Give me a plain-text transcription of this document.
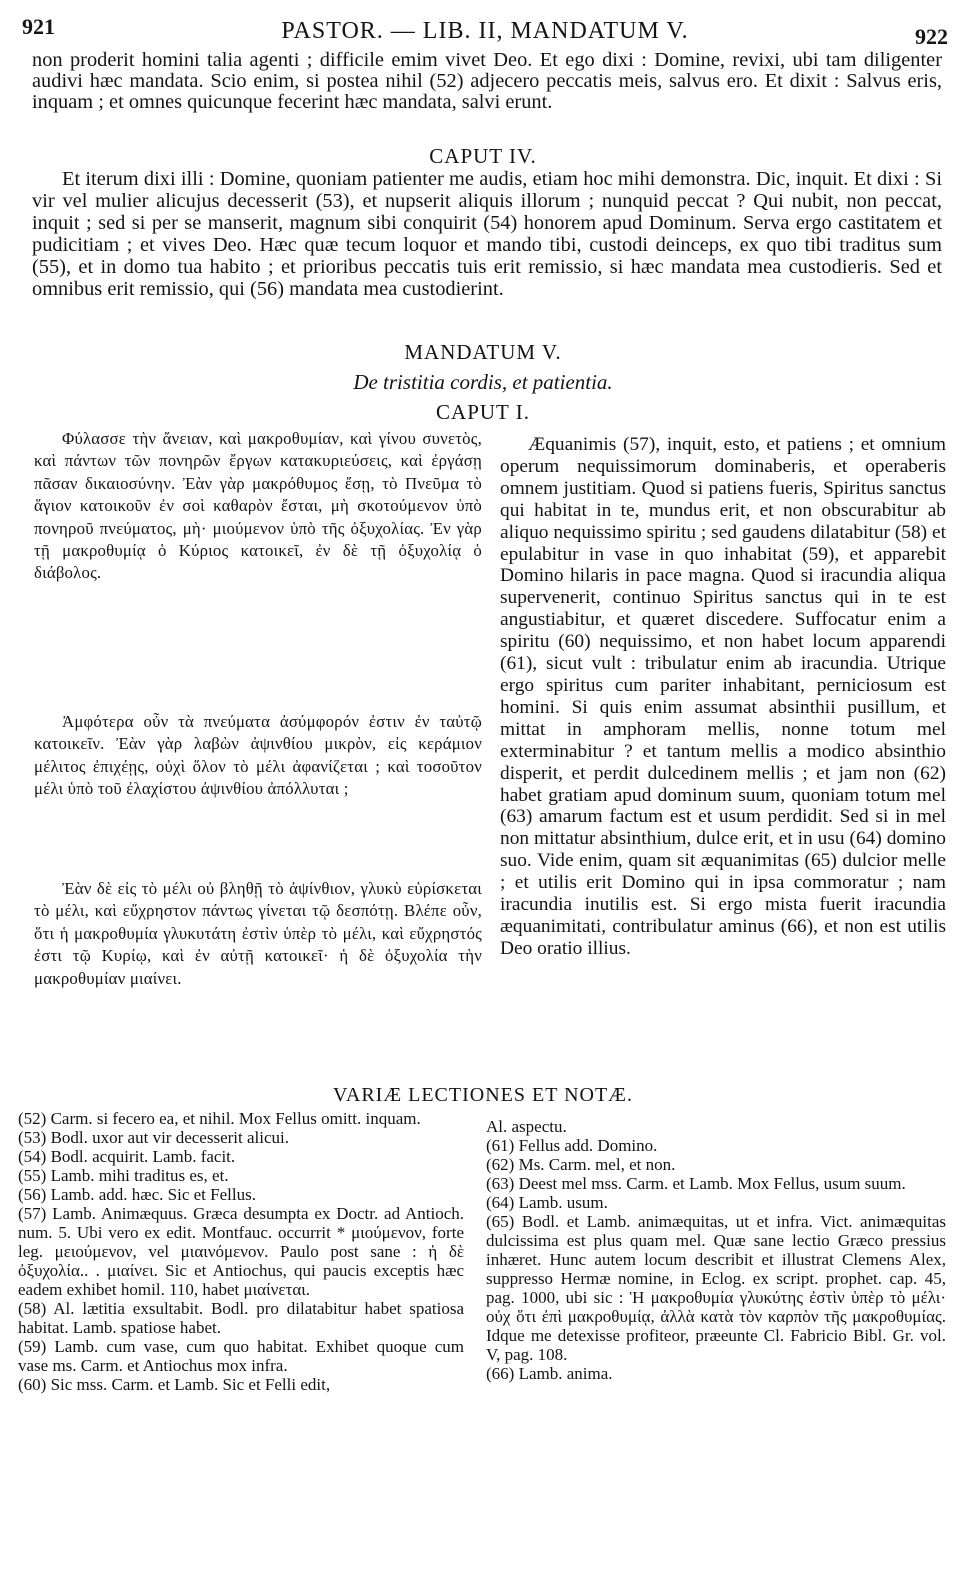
921	PASTOR. — LIB. II, MANDATUM V.	922

non proderit homini talia agenti ; difficile emim vivet Deo. Et ego dixi : Domine, revixi, ubi tam diligenter audivi hæc mandata. Scio enim, si postea nihil (52) adjecero peccatis meis, salvus ero. Et dixit : Salvus eris, inquam ; et omnes quicunque fecerint hæc mandata, salvi erunt.

CAPUT IV.

Et iterum dixi illi : Domine, quoniam patienter me audis, etiam hoc mihi demonstra. Dic, inquit. Et dixi : Si vir vel mulier alicujus decesserit (53), et nupserit aliquis illorum ; nunquid peccat ? Qui nubit, non peccat, inquit ; sed si per se manserit, magnum sibi conquirit (54) honorem apud Dominum. Serva ergo castitatem et pudicitiam ; et vives Deo. Hæc quæ tecum loquor et mando tibi, custodi deinceps, ex quo tibi traditus sum (55), et in domo tua habito ; et prioribus peccatis tuis erit remissio, si hæc mandata mea custodieris. Sed et omnibus erit remissio, qui (56) mandata mea custodierint.

MANDATUM V.
De tristitia cordis, et patientia.
CAPUT I.

Φύλασσε τὴν ἄνειαν, καὶ μακροθυμίαν, καὶ γίνου συνετὸς, καὶ πάντων τῶν πονηρῶν ἔργων κατακυριεύσεις, καὶ ἐργάσῃ πᾶσαν δικαιοσύνην. Ἐὰν γὰρ μακρόθυμος ἔσῃ, τὸ Πνεῦμα τὸ ἅγιον κατοικοῦν ἐν σοὶ καθαρὸν ἔσται, μὴ σκοτούμενον ὑπὸ πονηροῦ πνεύματος, μὴ· μιούμενον ὑπὸ τῆς ὀξυχολίας. Ἐν γὰρ τῇ μακροθυμίᾳ ὁ Κύριος κατοικεῖ, ἐν δὲ τῇ ὀξυχολίᾳ ὁ διάβολος.

Ἀμφότερα οὖν τὰ πνεύματα ἀσύμφορόν ἐστιν ἐν ταὐτῷ κατοικεῖν. Ἐὰν γὰρ λαβὼν ἀψινθίου μικρὸν, εἰς κεράμιον μέλιτος ἐπιχέῃς, οὐχὶ ὅλον τὸ μέλι ἀφανίζεται ; καὶ τοσοῦτον μέλι ὑπὸ τοῦ ἐλαχίστου ἀψινθίου ἀπόλλυται ;

Ἐὰν δὲ εἰς τὸ μέλι οὐ βληθῇ τὸ ἀψίνθιον, γλυκὺ εὑρίσκεται τὸ μέλι, καὶ εὔχρηστον πάντως γίνεται τῷ δεσπότῃ. Βλέπε οὖν, ὅτι ἡ μακροθυμία γλυκυτάτη ἐστὶν ὑπὲρ τὸ μέλι, καὶ εὔχρηστός ἐστι τῷ Κυρίῳ, καὶ ἐν αὐτῇ κατοικεῖ· ἡ δὲ ὀξυχολία τὴν μακροθυμίαν μιαίνει.

Æquanimis (57), inquit, esto, et patiens ; et omnium operum nequissimorum dominaberis, et operaberis omnem justitiam. Quod si patiens fueris, Spiritus sanctus qui habitat in te, mundus erit, et non obscurabitur ab aliquo nequissimo spiritu ; sed gaudens dilatabitur (58) et epulabitur in vase in quo inhabitat (59), et apparebit Domino hilaris in pace magna. Quod si iracundia aliqua supervenerit, continuo Spiritus sanctus qui in te est angustiabitur, et quæret discedere. Suffocatur enim a spiritu (60) nequissimo, et non habet locum apparendi (61), sicut vult : tribulatur enim ab iracundia. Utrique ergo spiritus cum pariter inhabitant, perniciosum est homini. Si quis enim assumat absinthii pusillum, et mittat in amphoram mellis, nonne totum mel exterminabitur ? et tantum mellis a modico absinthio disperit, et perdit dulcedinem mellis ; et jam non (62) habet gratiam apud dominum suum, quoniam totum mel (63) amarum factum est et usum perdidit. Sed si in mel non mittatur absinthium, dulce erit, et in usu (64) domino suo. Vide enim, quam sit æquanimitas (65) dulcior melle ; et utilis erit Domino qui in ipsa commoratur ; nam iracundia inutilis est. Si ergo mista fuerit iracundia æquanimitati, contribulatur aminus (66), et non est utilis Deo oratio illius.

VARIÆ LECTIONES ET NOTÆ.

(52) Carm. si fecero ea, et nihil. Mox Fellus omitt. inquam.

(53) Bodl. uxor aut vir decesserit alicui.

(54) Bodl. acquirit. Lamb. facit.

(55) Lamb. mihi traditus es, et.

(56) Lamb. add. hæc. Sic et Fellus.

(57) Lamb. Animæquus. Græca desumpta ex Doctr. ad Antioch. num. 5. Ubi vero ex edit. Montfauc. occurrit * μιούμενον, forte leg. μειούμενον, vel μιαινόμενον. Paulo post sane : ἡ δὲ ὀξυχολία.. . μιαίνει. Sic et Antiochus, qui paucis exceptis hæc eadem exhibet homil. 110, habet μιαίνεται.

(58) Al. lætitia exsultabit. Bodl. pro dilatabitur habet spatiosa habitat. Lamb. spatiose habet.

(59) Lamb. cum vase, cum quo habitat. Exhibet quoque cum vase ms. Carm. et Antiochus mox infra.

(60) Sic mss. Carm. et Lamb. Sic et Felli edit,

Al. aspectu.

(61) Fellus add. Domino.

(62) Ms. Carm. mel, et non.

(63) Deest mel mss. Carm. et Lamb. Mox Fellus, usum suum.

(64) Lamb. usum.

(65) Bodl. et Lamb. animæquitas, ut et infra. Vict. animæquitas dulcissima est plus quam mel. Quæ sane lectio Græco pressius inhæret. Hunc autem locum describit et illustrat Clemens Alex, suppresso Hermæ nomine, in Eclog. ex script. prophet. cap. 45, pag. 1000, ubi sic : Ἡ μακροθυμία γλυκύτης ἐστὶν ὑπὲρ τὸ μέλι· οὐχ ὅτι ἐπὶ μακροθυμίᾳ, ἀλλὰ κατὰ τὸν καρπὸν τῆς μακροθυμίας. Idque me detexisse profiteor, præeunte Cl. Fabricio Bibl. Gr. vol. V, pag. 108.

(66) Lamb. anima.
